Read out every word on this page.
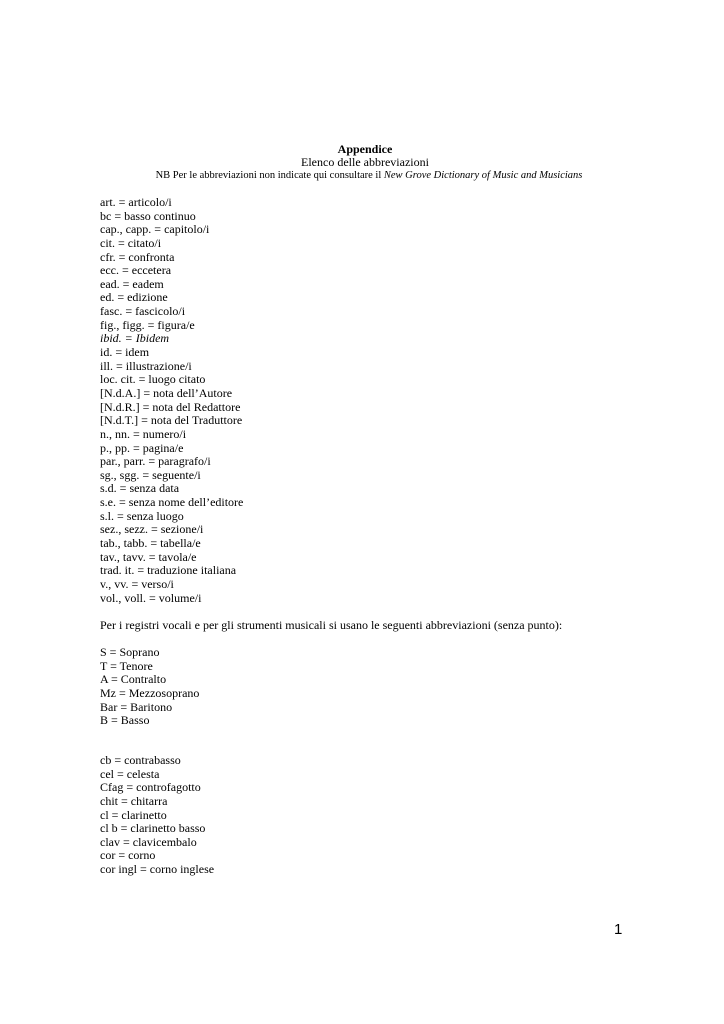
Appendice
Elenco delle abbreviazioni
NB Per le abbreviazioni non indicate qui consultare il New Grove Dictionary of Music and Musicians
art. = articolo/i
bc = basso continuo
cap., capp. = capitolo/i
cit. = citato/i
cfr. = confronta
ecc. = eccetera
ead. = eadem
ed. = edizione
fasc. = fascicolo/i
fig., figg. = figura/e
ibid. = Ibidem
id. = idem
ill. = illustrazione/i
loc. cit. = luogo citato
[N.d.A.] = nota dell’Autore
[N.d.R.] = nota del Redattore
[N.d.T.] = nota del Traduttore
n., nn. = numero/i
p., pp. = pagina/e
par., parr. = paragrafo/i
sg., sgg. = seguente/i
s.d. = senza data
s.e. = senza nome dell’editore
s.l. = senza luogo
sez., sezz. = sezione/i
tab., tabb. = tabella/e
tav., tavv. = tavola/e
trad. it. = traduzione italiana
v., vv. = verso/i
vol., voll. = volume/i
Per i registri vocali e per gli strumenti musicali si usano le seguenti abbreviazioni (senza punto):
S = Soprano
T = Tenore
A = Contralto
Mz = Mezzosoprano
Bar = Baritono
B = Basso
cb = contrabasso
cel = celesta
Cfag = controfagotto
chit = chitarra
cl = clarinetto
cl b = clarinetto basso
clav = clavicembalo
cor = corno
cor ingl = corno inglese
1
